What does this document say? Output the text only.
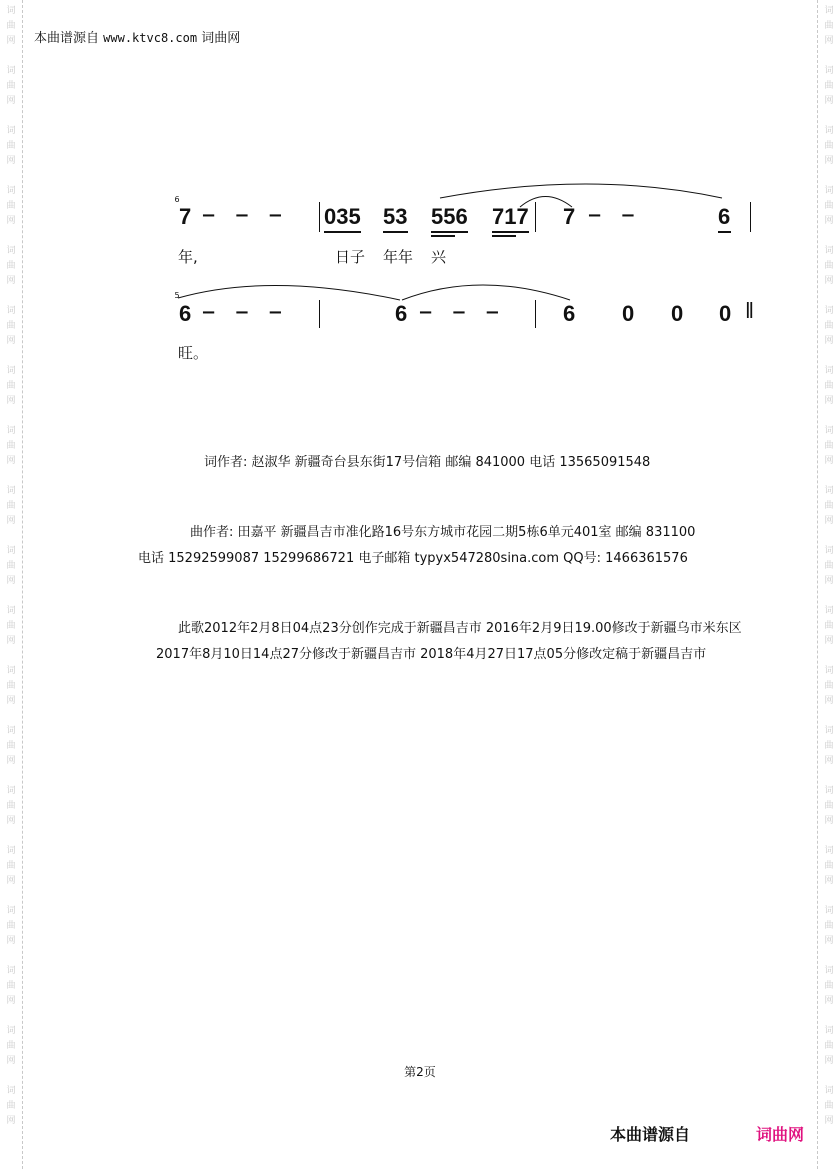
词
曲
网
词
曲
网
词
曲
网
词
曲
网
词
曲
网
词
曲
网
词
曲
网
词
曲
网
词
曲
网
词
曲
网
词
曲
网
词
曲
网
词
曲
网
词
曲
网
词
曲
网
词
曲
网
词
曲
网
词
曲
网
词
曲
网
词
曲
网
词
曲
网
词
曲
网
词
曲
网
词
曲
网
词
曲
网
词
曲
网
词
曲
网
词
曲
网
词
曲
网
词
曲
网
词
曲
网
词
曲
网
词
曲
网
词
曲
网
词
曲
网
词
曲
网
词
曲
网
词
曲
网
本曲谱源自 www.ktvc8.com 词曲网
6
7 − − − 035 53 556 717 7 − −	6
年,	日子 年年 兴
5
6 − − −	6 − − −	6 0 0 0 ‖
旺。
词作者: 赵淑华 新疆奇台县东街17号信箱 邮编 841000 电话 13565091548
曲作者: 田嘉平 新疆昌吉市准化路16号东方城市花园二期5栋6单元401室 邮编 831100
电话 15292599087 15299686721 电子邮箱 typyx547280sina.com QQ号: 1466361576
此歌2012年2月8日04点23分创作完成于新疆昌吉市 2016年2月9日19.00修改于新疆乌市米东区
2017年8月10日14点27分修改于新疆昌吉市 2018年4月27日17点05分修改定稿于新疆昌吉市
第2页
本曲谱源自	词曲网
